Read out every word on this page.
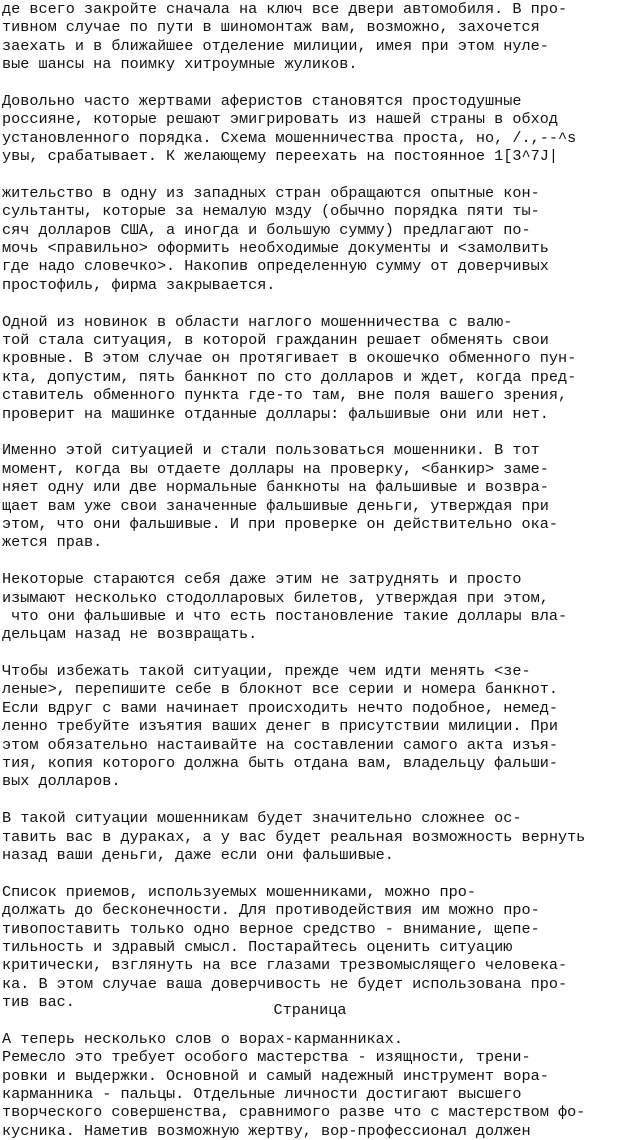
де всего закройте сначала на ключ все двери автомобиля. В про-
тивном случае по пути в шиномонтаж вам, возможно, захочется
заехать и в ближайшее отделение милиции, имея при этом нуле-
вые шансы на поимку хитроумные жуликов.
Довольно часто жертвами аферистов становятся простодушные
россияне, которые решают эмигрировать из нашей страны в обход
установленного порядка. Схема мошенничества проста, но, /.,--^s
увы, срабатывает. К желающему переехать на постоянное 1[3^7J|
жительство в одну из западных стран обращаются опытные кон-
сультанты, которые за немалую мзду (обычно порядка пяти ты-
сяч долларов США, а иногда и большую сумму) предлагают по-
мочь <правильно> оформить необходимые документы и <замолвить
где надо словечко>. Накопив определенную сумму от доверчивых
простофиль, фирма закрывается.
Одной из новинок в области наглого мошенничества с валю-
той стала ситуация, в которой гражданин решает обменять свои
кровные. В этом случае он протягивает в окошечко обменного пун-
кта, допустим, пять банкнот по сто долларов и ждет, когда пред-
ставитель обменного пункта где-то там, вне поля вашего зрения,
проверит на машинке отданные доллары: фальшивые они или нет.
Именно этой ситуацией и стали пользоваться мошенники. В тот
момент, когда вы отдаете доллары на проверку, <банкир> заме-
няет одну или две нормальные банкноты на фальшивые и возвра-
щает вам уже свои заначенные фальшивые деньги, утверждая при
этом, что они фальшивые. И при проверке он действительно ока-
жется прав.
Некоторые стараются себя даже этим не затруднять и просто
изымают несколько стодолларовых билетов, утверждая при этом,
что они фальшивые и что есть постановление такие доллары вла-
дельцам назад не возвращать.
Чтобы избежать такой ситуации, прежде чем идти менять <зе-
леные>, перепишите себе в блокнот все серии и номера банкнот.
Если вдруг с вами начинает происходить нечто подобное, немед-
ленно требуйте изъятия ваших денег в присутствии милиции. При
этом обязательно настаивайте на составлении самого акта изъя-
тия, копия которого должна быть отдана вам, владельцу фальши-
вых долларов.
В такой ситуации мошенникам будет значительно сложнее ос-
тавить вас в дураках, а у вас будет реальная возможность вернуть
назад ваши деньги, даже если они фальшивые.
Список приемов, используемых мошенниками, можно про-
должать до бесконечности. Для противодействия им можно про-
тивопоставить только одно верное средство - внимание, щепе-
тильность и здравый смысл. Постарайтесь оценить ситуацию
критически, взглянуть на все глазами трезвомыслящего человека-
ка. В этом случае ваша доверчивость не будет использована про-
тив вас.
А теперь несколько слов о ворах-карманниках.
Ремесло это требует особого мастерства - изящности, трени-
ровки и выдержки. Основной и самый надежный инструмент вора-
карманника - пальцы. Отдельные личности достигают высшего
творческого совершенства, сравнимого разве что с мастерством фо-
кусника. Наметив возможную жертву, вор-профессионал должен
Страница
